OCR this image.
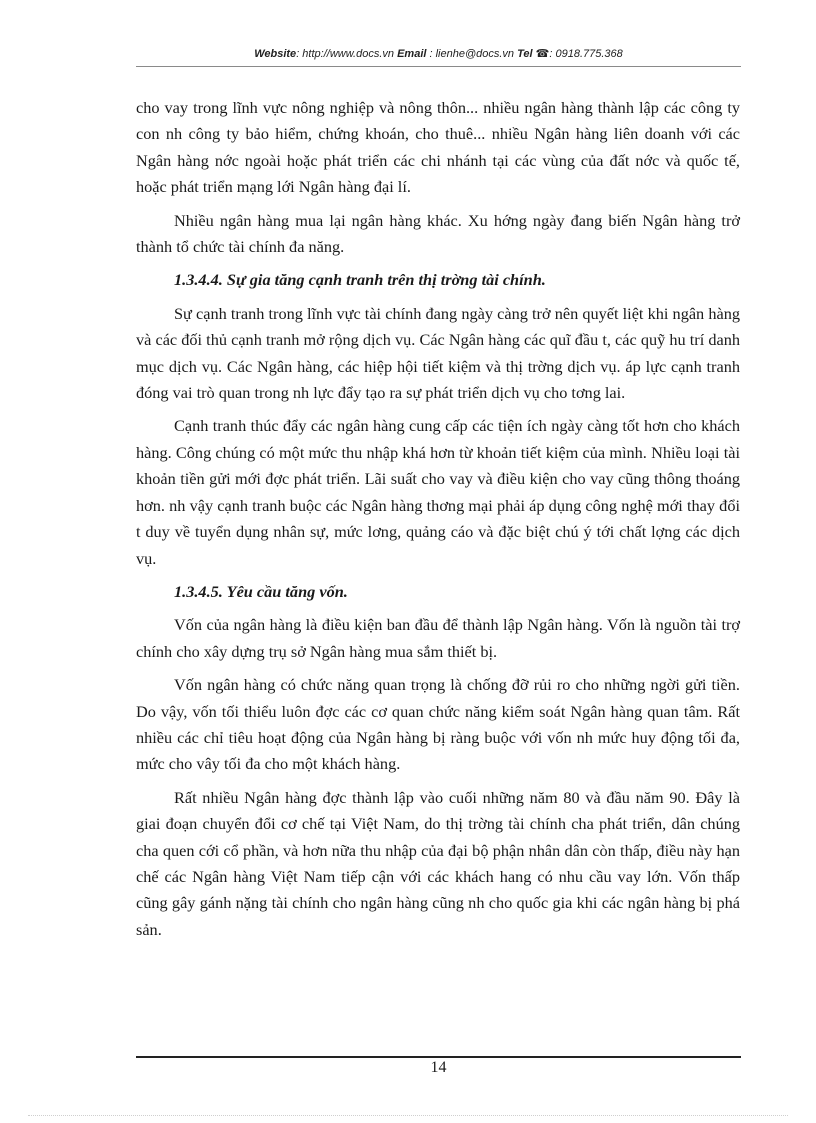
Website: http://www.docs.vn Email : lienhe@docs.vn Tel ☎: 0918.775.368

cho vay trong lĩnh vực nông nghiệp và nông thôn... nhiều ngân hàng thành lập các công ty con nh công ty bảo hiểm, chứng khoán, cho thuê... nhiều Ngân hàng liên doanh với các Ngân hàng nớc ngoài hoặc phát triển các chi nhánh tại các vùng của đất nớc và quốc tế, hoặc phát triển mạng lới Ngân hàng đại lí.

Nhiều ngân hàng mua lại ngân hàng khác. Xu hớng ngày đang biến Ngân hàng trở thành tổ chức tài chính đa năng.

1.3.4.4. Sự gia tăng cạnh tranh trên thị trờng tài chính.

Sự cạnh tranh trong lĩnh vực tài chính đang ngày càng trở nên quyết liệt khi ngân hàng và các đối thủ cạnh tranh mở rộng dịch vụ. Các Ngân hàng các quĩ đầu t, các quỹ hu trí danh mục dịch vụ. Các Ngân hàng, các hiệp hội tiết kiệm và thị trờng dịch vụ. áp lực cạnh tranh đóng vai trò quan trong nh lực đẩy tạo ra sự phát triển dịch vụ cho tơng lai.

Cạnh tranh thúc đẩy các ngân hàng cung cấp các tiện ích ngày càng tốt hơn cho khách hàng. Công chúng có một mức thu nhập khá hơn từ khoản tiết kiệm của mình. Nhiều loại tài khoản tiền gửi mới đợc phát triển. Lãi suất cho vay và điều kiện cho vay cũng thông thoáng hơn. nh vậy cạnh tranh buộc các Ngân hàng thơng mại phải áp dụng công nghệ mới thay đổi t duy về tuyển dụng nhân sự, mức lơng, quảng cáo và đặc biệt chú ý tới chất lợng các dịch vụ.

1.3.4.5. Yêu cầu tăng vốn.

Vốn của ngân hàng là điều kiện ban đầu để thành lập Ngân hàng. Vốn là nguồn tài trợ chính cho xây dựng trụ sở Ngân hàng mua sắm thiết bị.

Vốn ngân hàng có chức năng quan trọng là chống đỡ rủi ro cho những ngời gửi tiền. Do vậy, vốn tối thiểu luôn đợc các cơ quan chức năng kiểm soát Ngân hàng quan tâm. Rất nhiều các chỉ tiêu hoạt động của Ngân hàng bị ràng buộc với vốn nh mức huy động tối đa, mức cho vây tối đa cho một khách hàng.

Rất nhiều Ngân hàng đợc thành lập vào cuối những năm 80 và đầu năm 90. Đây là giai đoạn chuyển đổi cơ chế tại Việt Nam, do thị trờng tài chính cha phát triển, dân chúng cha quen cới cổ phần, và hơn nữa thu nhập của đại bộ phận nhân dân còn thấp, điều này hạn chế các Ngân hàng Việt Nam tiếp cận với các khách hang có nhu cầu vay lớn. Vốn thấp cũng gây gánh nặng tài chính cho ngân hàng cũng nh cho quốc gia khi các ngân hàng bị phá sản.

14
